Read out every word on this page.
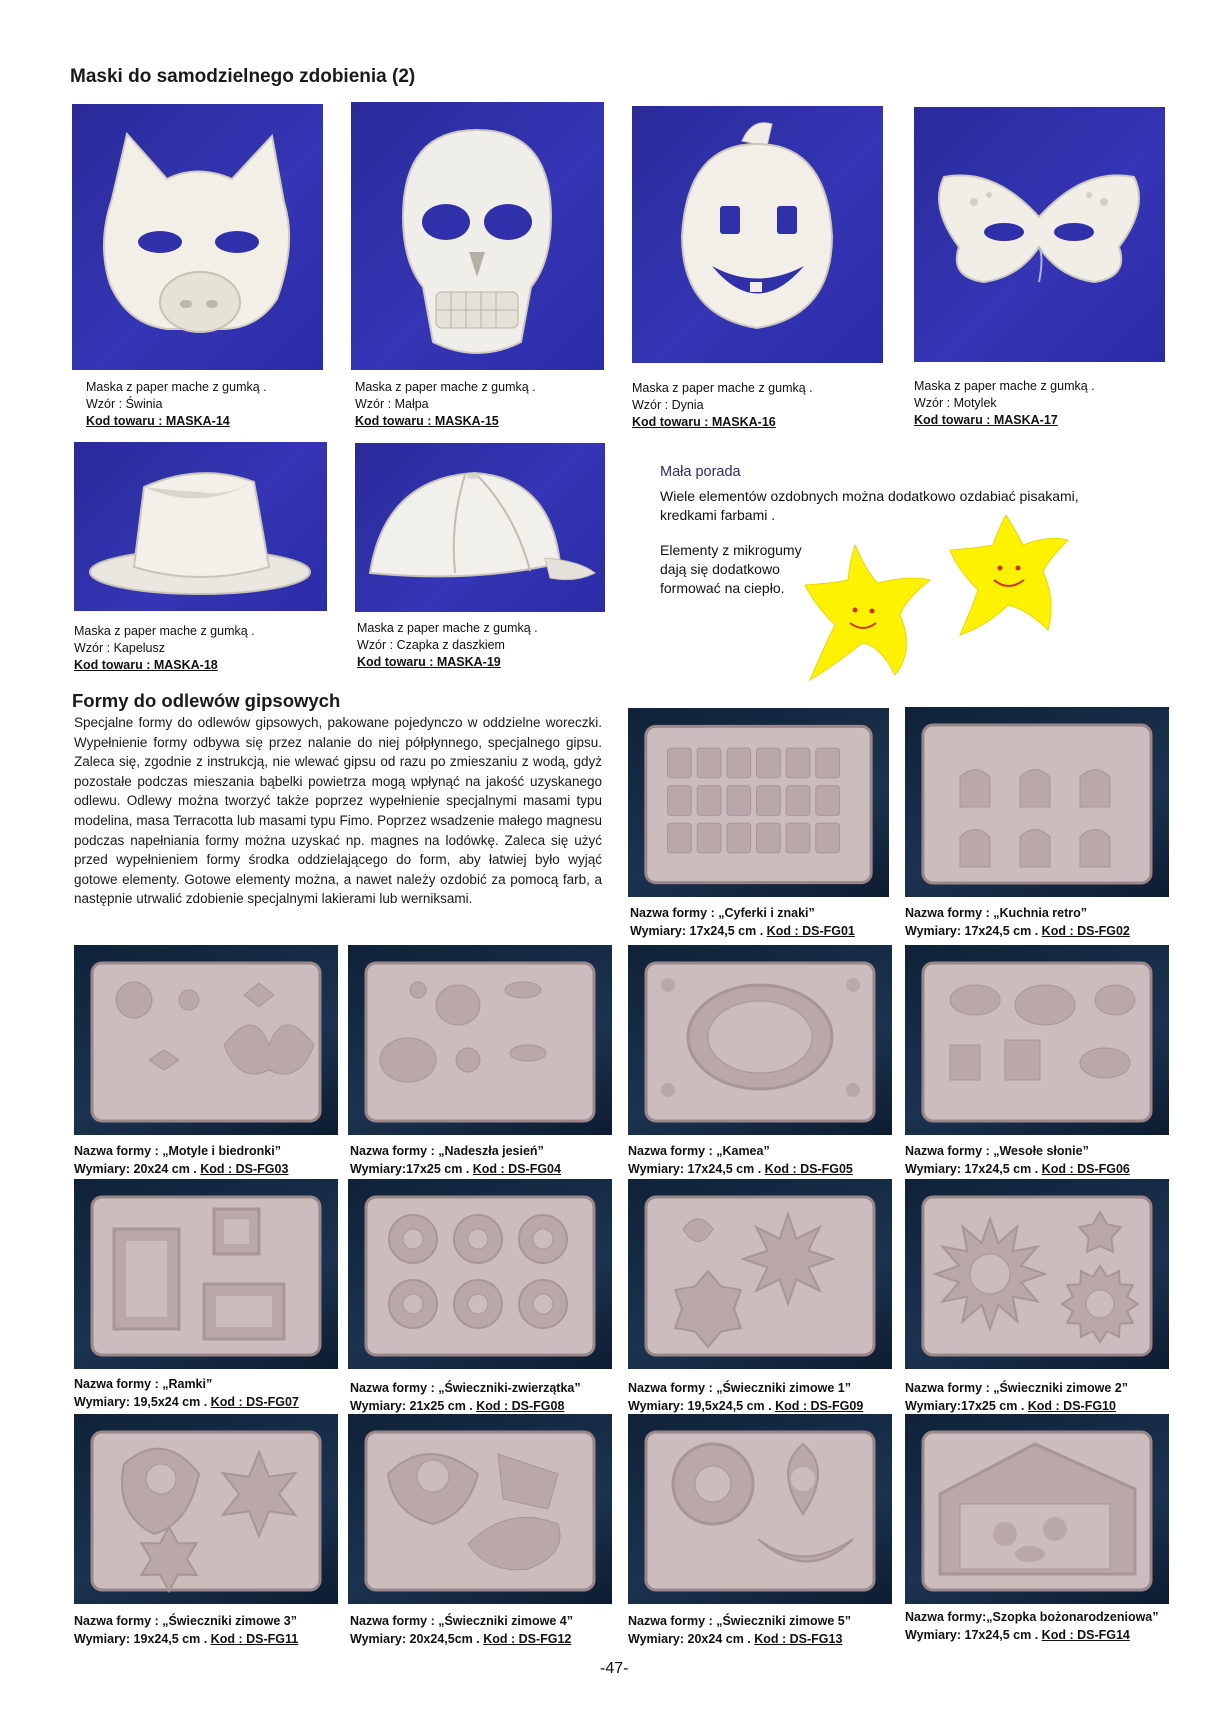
Maski do samodzielnego zdobienia (2)
Maska z paper mache z gumką .
Wzór : Świnia
Kod towaru : MASKA-14
Maska z paper mache z gumką .
Wzór : Małpa
Kod towaru : MASKA-15
Maska z paper mache z gumką .
Wzór : Dynia
Kod towaru : MASKA-16
Maska z paper mache z gumką .
Wzór : Motylek
Kod towaru : MASKA-17
Maska z paper mache z gumką .
Wzór : Kapelusz
Kod towaru : MASKA-18
Maska z paper mache z gumką .
Wzór : Czapka z daszkiem
Kod towaru : MASKA-19
Mała porada
Wiele elementów ozdobnych można dodatkowo ozdabiać pisakami, kredkami farbami .
Elementy z mikrogumy dają się dodatkowo formować na ciepło.
Formy do odlewów gipsowych
Specjalne formy do odlewów gipsowych, pakowane pojedynczo w oddzielne woreczki. Wypełnienie formy odbywa się przez nalanie do niej półpłynnego, specjalnego gipsu. Zaleca się, zgodnie z instrukcją, nie wlewać gipsu od razu po zmieszaniu z wodą, gdyż pozostałe podczas mieszania bąbelki powietrza mogą wpłynąć na jakość uzyskanego odlewu. Odlewy można tworzyć także poprzez wypełnienie specjalnymi masami typu modelina, masa Terracotta lub masami typu Fimo. Poprzez wsadzenie małego magnesu podczas napełniania formy można uzyskać np. magnes na lodówkę. Zaleca się użyć przed wypełnieniem formy środka oddzielającego do form, aby łatwiej było wyjąć gotowe elementy. Gotowe elementy można, a nawet należy ozdobić za pomocą farb, a następnie utrwalić zdobienie specjalnymi lakierami lub werniksami.
Nazwa formy : „Cyferki i znaki”
Wymiary: 17x24,5 cm . Kod : DS-FG01
Nazwa formy : „Kuchnia retro”
Wymiary: 17x24,5 cm . Kod : DS-FG02
Nazwa formy : „Motyle i biedronki”
Wymiary: 20x24 cm . Kod : DS-FG03
Nazwa formy : „Nadeszła jesień”
Wymiary:17x25 cm . Kod : DS-FG04
Nazwa formy : „Kamea”
Wymiary: 17x24,5 cm . Kod : DS-FG05
Nazwa formy : „Wesołe słonie”
Wymiary: 17x24,5 cm . Kod : DS-FG06
Nazwa formy : „Ramki”
Wymiary: 19,5x24 cm . Kod : DS-FG07
Nazwa formy : „Świeczniki-zwierzątka”
Wymiary: 21x25 cm . Kod : DS-FG08
Nazwa formy : „Świeczniki zimowe 1”
Wymiary: 19,5x24,5 cm . Kod : DS-FG09
Nazwa formy : „Świeczniki zimowe 2”
Wymiary:17x25 cm . Kod : DS-FG10
Nazwa formy : „Świeczniki zimowe 3”
Wymiary: 19x24,5 cm . Kod : DS-FG11
Nazwa formy : „Świeczniki zimowe 4”
Wymiary: 20x24,5cm . Kod : DS-FG12
Nazwa formy : „Świeczniki zimowe 5”
Wymiary: 20x24 cm . Kod : DS-FG13
Nazwa formy:„Szopka bożonarodzeniowa”
Wymiary: 17x24,5 cm . Kod : DS-FG14
-47-
